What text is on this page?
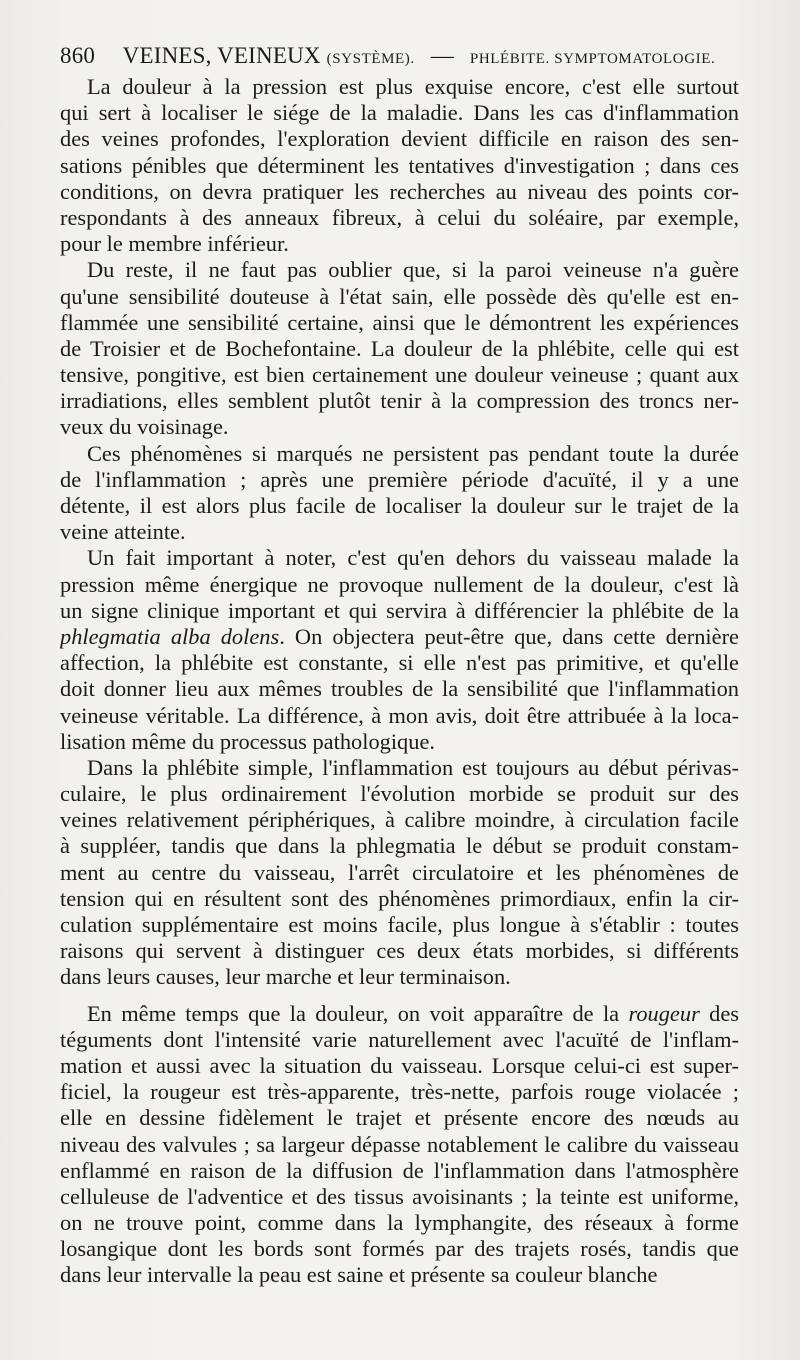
860 VEINES, VEINEUX (SYSTÈME). — PHLÉBITE. SYMPTOMATOLOGIE.
La douleur à la pression est plus exquise encore, c'est elle surtout
qui sert à localiser le siége de la maladie. Dans les cas d'inflammation
des veines profondes, l'exploration devient difficile en raison des sen-
sations pénibles que déterminent les tentatives d'investigation ; dans ces
conditions, on devra pratiquer les recherches au niveau des points cor-
respondants à des anneaux fibreux, à celui du soléaire, par exemple,
pour le membre inférieur.
Du reste, il ne faut pas oublier que, si la paroi veineuse n'a guère
qu'une sensibilité douteuse à l'état sain, elle possède dès qu'elle est en-
flammée une sensibilité certaine, ainsi que le démontrent les expériences
de Troisier et de Bochefontaine. La douleur de la phlébite, celle qui est
tensive, pongitive, est bien certainement une douleur veineuse ; quant aux
irradiations, elles semblent plutôt tenir à la compression des troncs ner-
veux du voisinage.
Ces phénomènes si marqués ne persistent pas pendant toute la durée
de l'inflammation ; après une première période d'acuïté, il y a une
détente, il est alors plus facile de localiser la douleur sur le trajet de la
veine atteinte.
Un fait important à noter, c'est qu'en dehors du vaisseau malade la
pression même énergique ne provoque nullement de la douleur, c'est là
un signe clinique important et qui servira à différencier la phlébite de la
phlegmatia alba dolens. On objectera peut-être que, dans cette dernière
affection, la phlébite est constante, si elle n'est pas primitive, et qu'elle
doit donner lieu aux mêmes troubles de la sensibilité que l'inflammation
veineuse véritable. La différence, à mon avis, doit être attribuée à la loca-
lisation même du processus pathologique.
Dans la phlébite simple, l'inflammation est toujours au début périvas-
culaire, le plus ordinairement l'évolution morbide se produit sur des
veines relativement périphériques, à calibre moindre, à circulation facile
à suppléer, tandis que dans la phlegmatia le début se produit constam-
ment au centre du vaisseau, l'arrêt circulatoire et les phénomènes de
tension qui en résultent sont des phénomènes primordiaux, enfin la cir-
culation supplémentaire est moins facile, plus longue à s'établir : toutes
raisons qui servent à distinguer ces deux états morbides, si différents
dans leurs causes, leur marche et leur terminaison.
En même temps que la douleur, on voit apparaître de la rougeur des
téguments dont l'intensité varie naturellement avec l'acuïté de l'inflam-
mation et aussi avec la situation du vaisseau. Lorsque celui-ci est super-
ficiel, la rougeur est très-apparente, très-nette, parfois rouge violacée ;
elle en dessine fidèlement le trajet et présente encore des nœuds au
niveau des valvules ; sa largeur dépasse notablement le calibre du vaisseau
enflammé en raison de la diffusion de l'inflammation dans l'atmosphère
celluleuse de l'adventice et des tissus avoisinants ; la teinte est uniforme,
on ne trouve point, comme dans la lymphangite, des réseaux à forme
losangique dont les bords sont formés par des trajets rosés, tandis que
dans leur intervalle la peau est saine et présente sa couleur blanche
